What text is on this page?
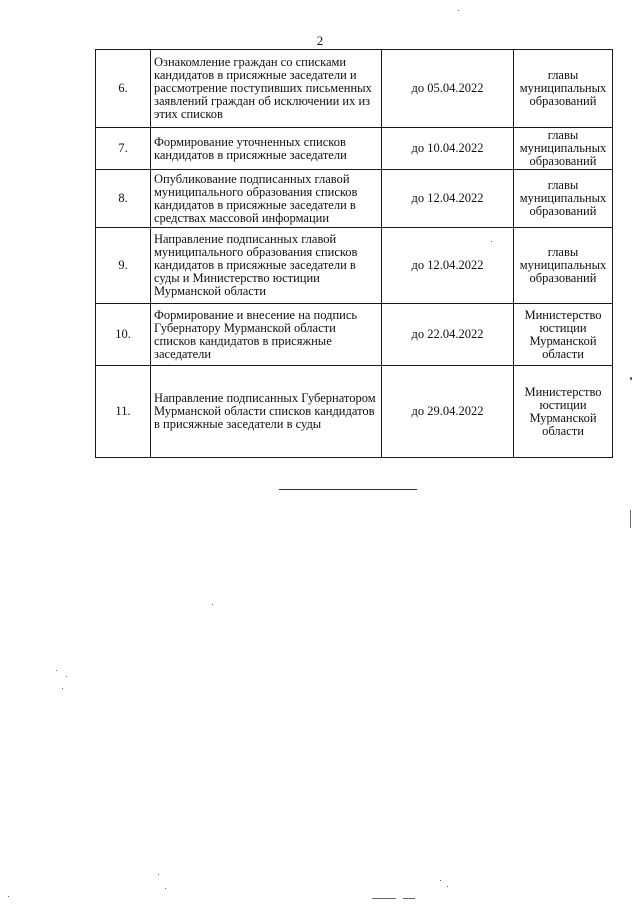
2
6.	Ознакомление граждан со списками кандидатов в присяжные заседатели и рассмотрение поступивших письменных заявлений граждан об исключении их из этих списков	до 05.04.2022	главы муниципальных образований
7.	Формирование уточненных списков кандидатов в присяжные заседатели	до 10.04.2022	главы муниципальных образований
8.	Опубликование подписанных главой муниципального образования списков кандидатов в присяжные заседатели в средствах массовой информации	до 12.04.2022	главы муниципальных образований
9.	Направление подписанных главой муниципального образования списков кандидатов в присяжные заседатели в суды и Министерство юстиции Мурманской области	до 12.04.2022	главы муниципальных образований
10.	Формирование и внесение на подпись Губернатору Мурманской области списков кандидатов в присяжные заседатели	до 22.04.2022	Министерство юстиции Мурманской области
11.	Направление подписанных Губернатором Мурманской области списков кандидатов в присяжные заседатели в суды	до 29.04.2022	Министерство юстиции Мурманской области
